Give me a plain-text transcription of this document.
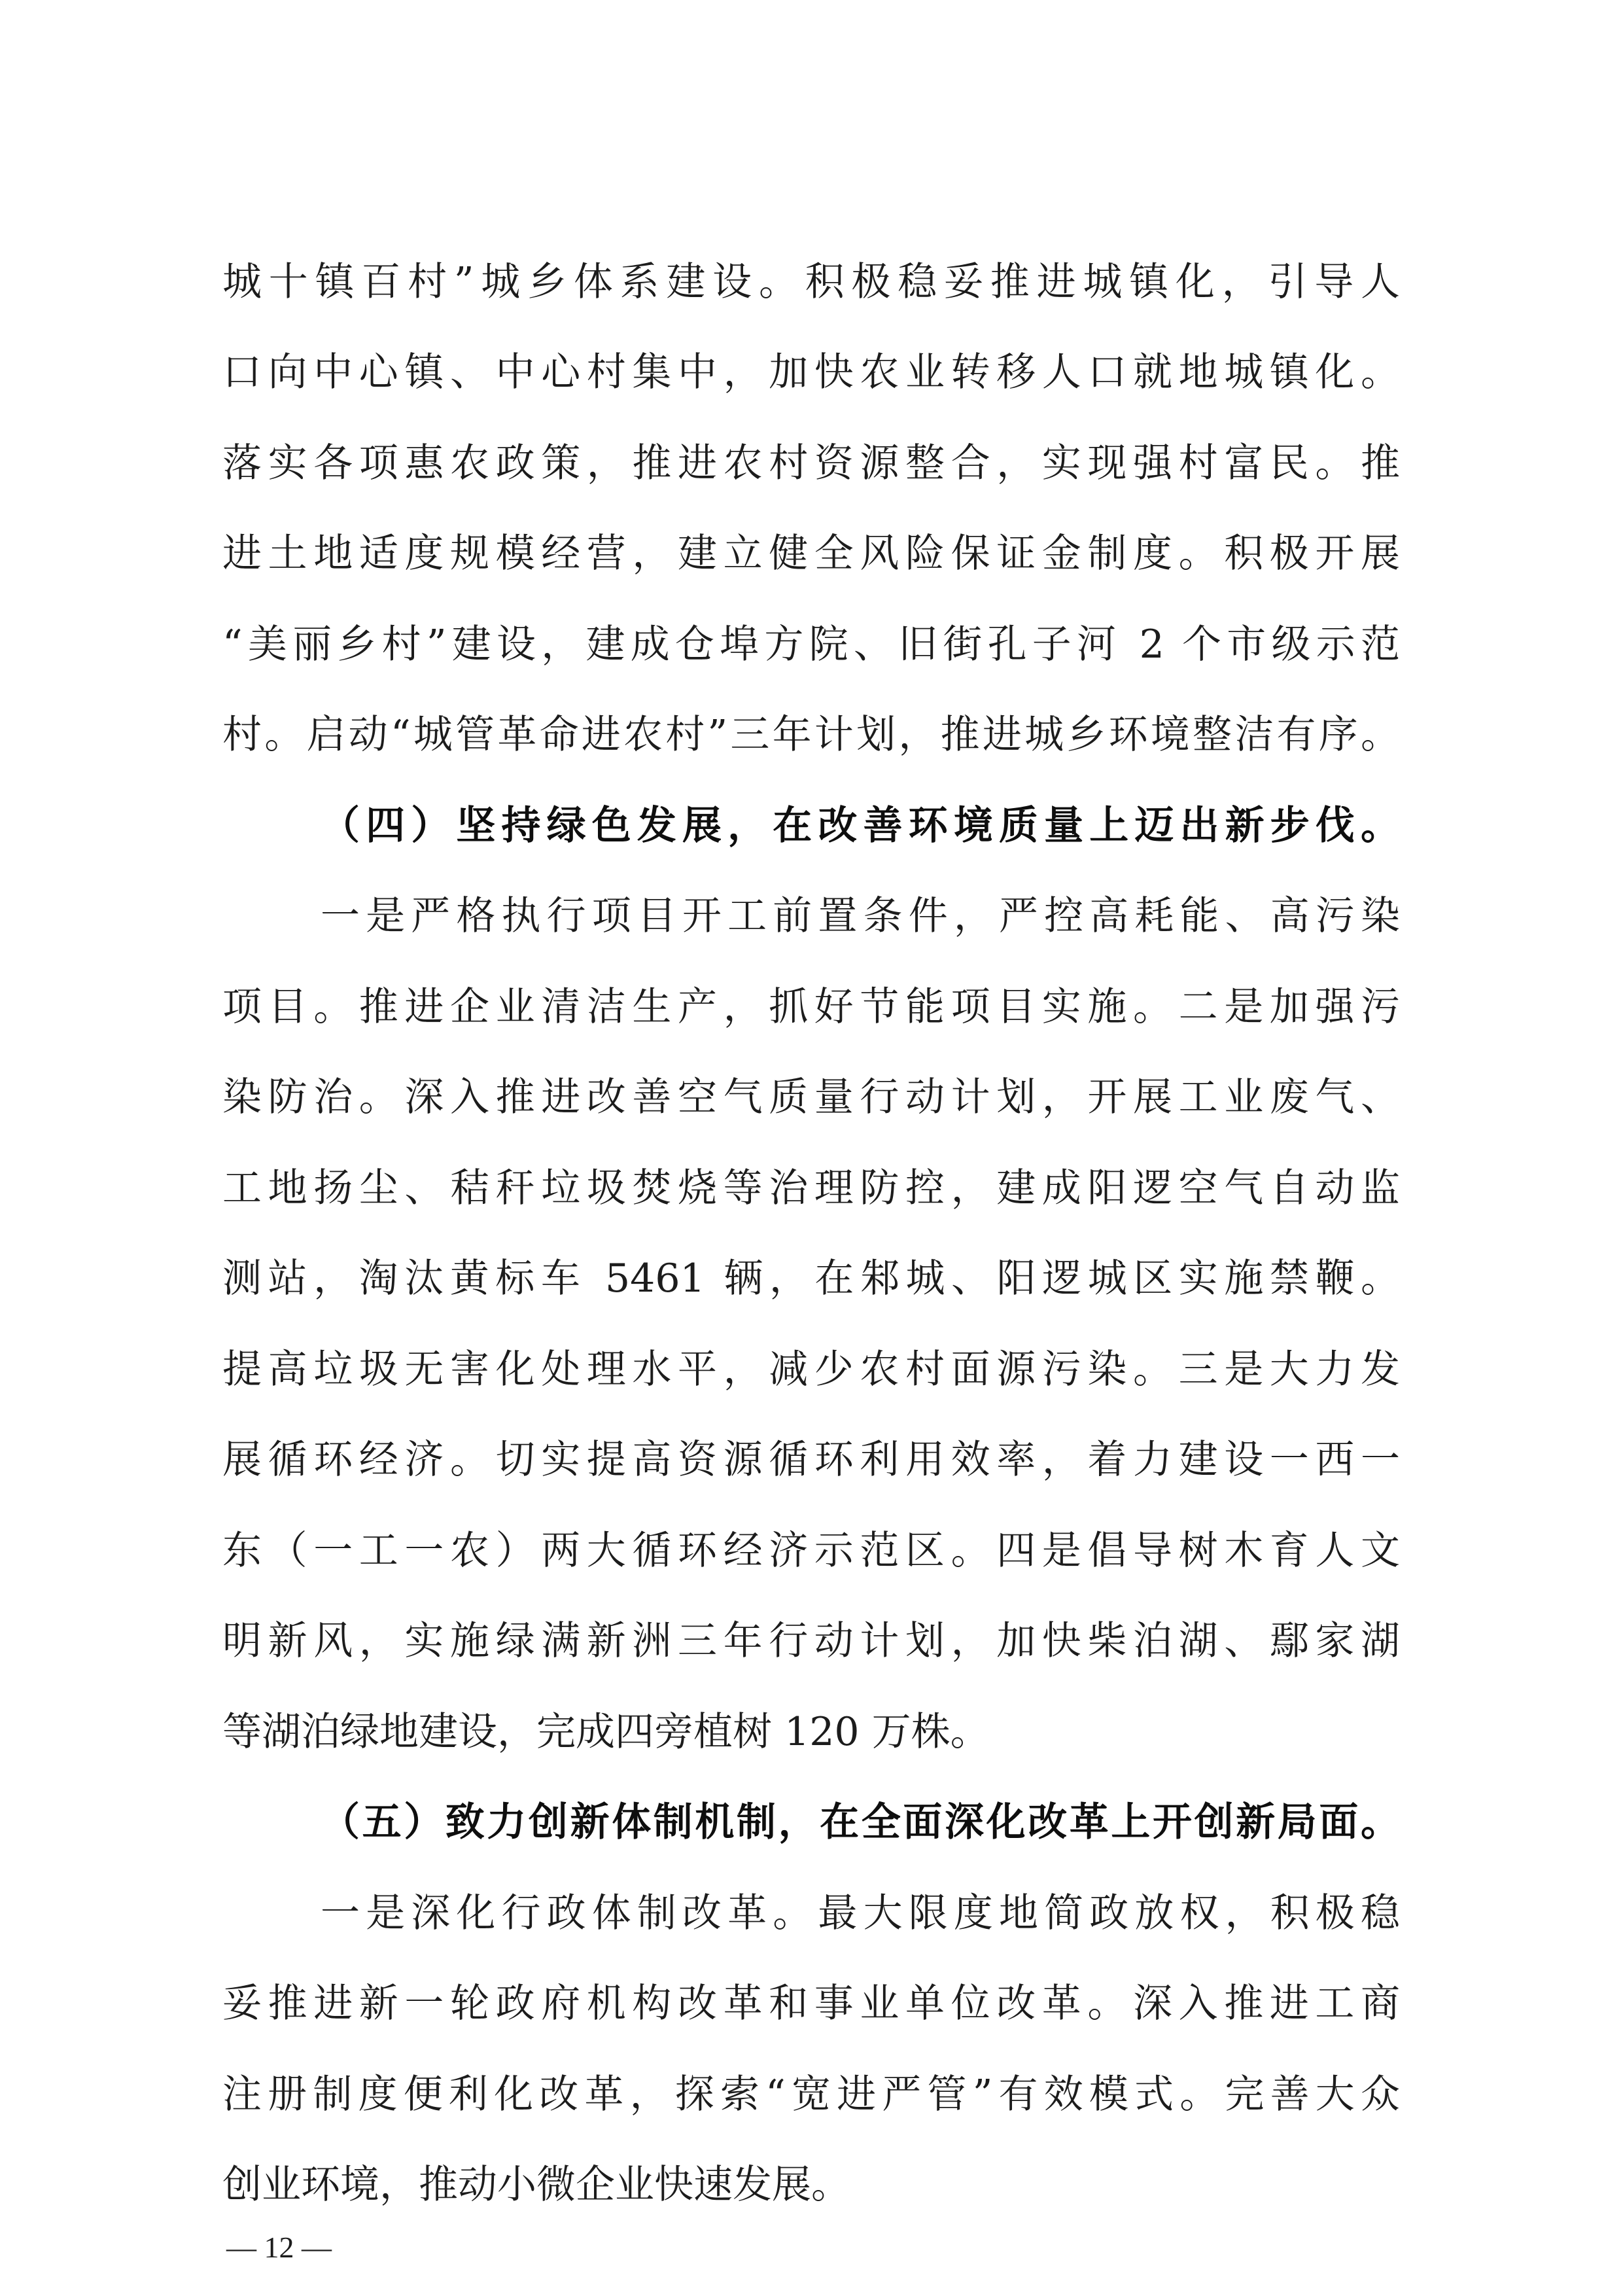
城十镇百村”城乡体系建设。积极稳妥推进城镇化，引导人
口向中心镇、中心村集中，加快农业转移人口就地城镇化。
落实各项惠农政策，推进农村资源整合，实现强村富民。推
进土地适度规模经营，建立健全风险保证金制度。积极开展
“美丽乡村”建设，建成仓埠方院、旧街孔子河 2 个市级示范
村。启动“城管革命进农村”三年计划，推进城乡环境整洁有序。
（四）坚持绿色发展，在改善环境质量上迈出新步伐。
一是严格执行项目开工前置条件，严控高耗能、高污染
项目。推进企业清洁生产，抓好节能项目实施。二是加强污
染防治。深入推进改善空气质量行动计划，开展工业废气、
工地扬尘、秸秆垃圾焚烧等治理防控，建成阳逻空气自动监
测站，淘汰黄标车 5461 辆，在邾城、阳逻城区实施禁鞭。
提高垃圾无害化处理水平，减少农村面源污染。三是大力发
展循环经济。切实提高资源循环利用效率，着力建设一西一
东（一工一农）两大循环经济示范区。四是倡导树木育人文
明新风，实施绿满新洲三年行动计划，加快柴泊湖、鄢家湖
等湖泊绿地建设，完成四旁植树 120 万株。
（五）致力创新体制机制，在全面深化改革上开创新局面。
一是深化行政体制改革。最大限度地简政放权，积极稳
妥推进新一轮政府机构改革和事业单位改革。深入推进工商
注册制度便利化改革，探索“宽进严管”有效模式。完善大众
创业环境，推动小微企业快速发展。
— 12 —
